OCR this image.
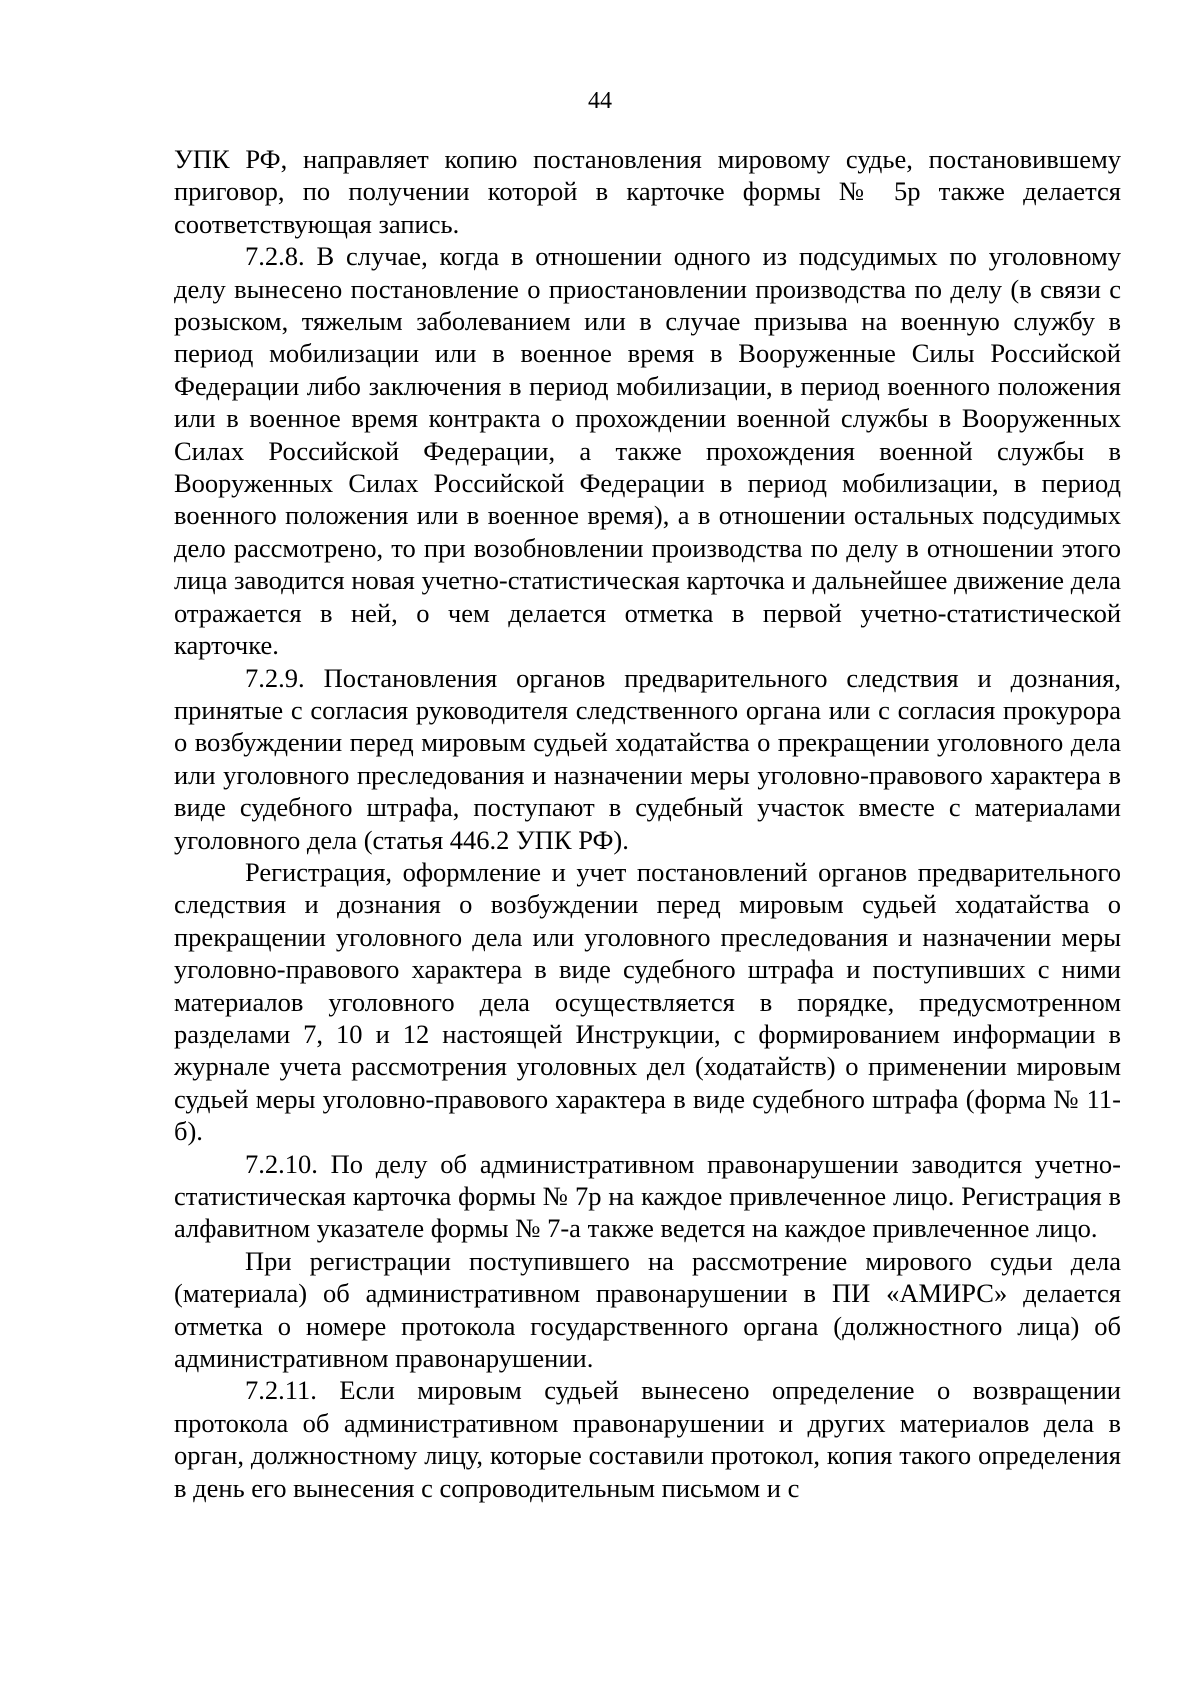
44

УПК РФ, направляет копию постановления мировому судье, постановившему приговор, по получении которой в карточке формы № 5р также делается соответствующая запись.

7.2.8. В случае, когда в отношении одного из подсудимых по уголовному делу вынесено постановление о приостановлении производства по делу (в связи с розыском, тяжелым заболеванием или в случае призыва на военную службу в период мобилизации или в военное время в Вооруженные Силы Российской Федерации либо заключения в период мобилизации, в период военного положения или в военное время контракта о прохождении военной службы в Вооруженных Силах Российской Федерации, а также прохождения военной службы в Вооруженных Силах Российской Федерации в период мобилизации, в период военного положения или в военное время), а в отношении остальных подсудимых дело рассмотрено, то при возобновлении производства по делу в отношении этого лица заводится новая учетно-статистическая карточка и дальнейшее движение дела отражается в ней, о чем делается отметка в первой учетно-статистической карточке.

7.2.9. Постановления органов предварительного следствия и дознания, принятые с согласия руководителя следственного органа или с согласия прокурора о возбуждении перед мировым судьей ходатайства о прекращении уголовного дела или уголовного преследования и назначении меры уголовно-правового характера в виде судебного штрафа, поступают в судебный участок вместе с материалами уголовного дела (статья 446.2 УПК РФ).

Регистрация, оформление и учет постановлений органов предварительного следствия и дознания о возбуждении перед мировым судьей ходатайства о прекращении уголовного дела или уголовного преследования и назначении меры уголовно-правового характера в виде судебного штрафа и поступивших с ними материалов уголовного дела осуществляется в порядке, предусмотренном разделами 7, 10 и 12 настоящей Инструкции, с формированием информации в журнале учета рассмотрения уголовных дел (ходатайств) о применении мировым судьей меры уголовно-правового характера в виде судебного штрафа (форма № 11-б).

7.2.10. По делу об административном правонарушении заводится учетно-статистическая карточка формы № 7р на каждое привлеченное лицо. Регистрация в алфавитном указателе формы № 7-а также ведется на каждое привлеченное лицо.

При регистрации поступившего на рассмотрение мирового судьи дела (материала) об административном правонарушении в ПИ «АМИРС» делается отметка о номере протокола государственного органа (должностного лица) об административном правонарушении.

7.2.11. Если мировым судьей вынесено определение о возвращении протокола об административном правонарушении и других материалов дела в орган, должностному лицу, которые составили протокол, копия такого определения в день его вынесения с сопроводительным письмом и с
